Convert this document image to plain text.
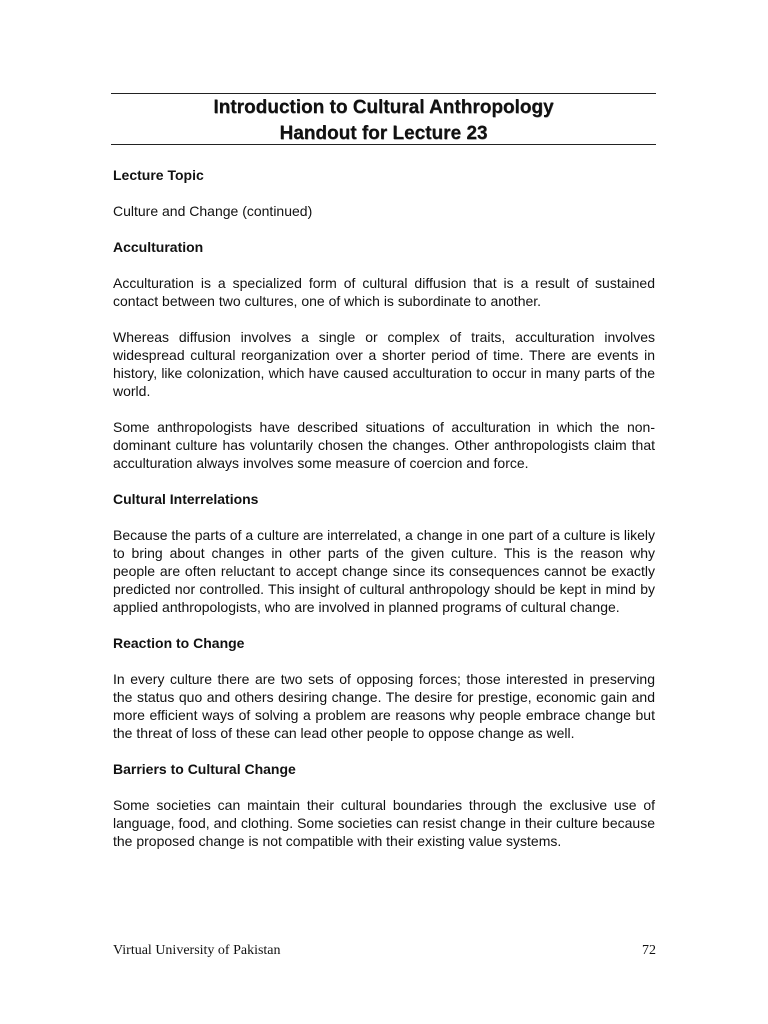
Introduction to Cultural Anthropology
Handout for Lecture 23
Lecture Topic
Culture and Change (continued)
Acculturation
Acculturation is a specialized form of cultural diffusion that is a result of sustained contact between two cultures, one of which is subordinate to another.
Whereas diffusion involves a single or complex of traits, acculturation involves widespread cultural reorganization over a shorter period of time. There are events in history, like colonization, which have caused acculturation to occur in many parts of the world.
Some anthropologists have described situations of acculturation in which the non-dominant culture has voluntarily chosen the changes. Other anthropologists claim that acculturation always involves some measure of coercion and force.
Cultural Interrelations
Because the parts of a culture are interrelated, a change in one part of a culture is likely to bring about changes in other parts of the given culture. This is the reason why people are often reluctant to accept change since its consequences cannot be exactly predicted nor controlled. This insight of cultural anthropology should be kept in mind by applied anthropologists, who are involved in planned programs of cultural change.
Reaction to Change
In every culture there are two sets of opposing forces; those interested in preserving the status quo and others desiring change. The desire for prestige, economic gain and more efficient ways of solving a problem are reasons why people embrace change but the threat of loss of these can lead other people to oppose change as well.
Barriers to Cultural Change
Some societies can maintain their cultural boundaries through the exclusive use of language, food, and clothing. Some societies can resist change in their culture because the proposed change is not compatible with their existing value systems.
Virtual University of Pakistan	72
